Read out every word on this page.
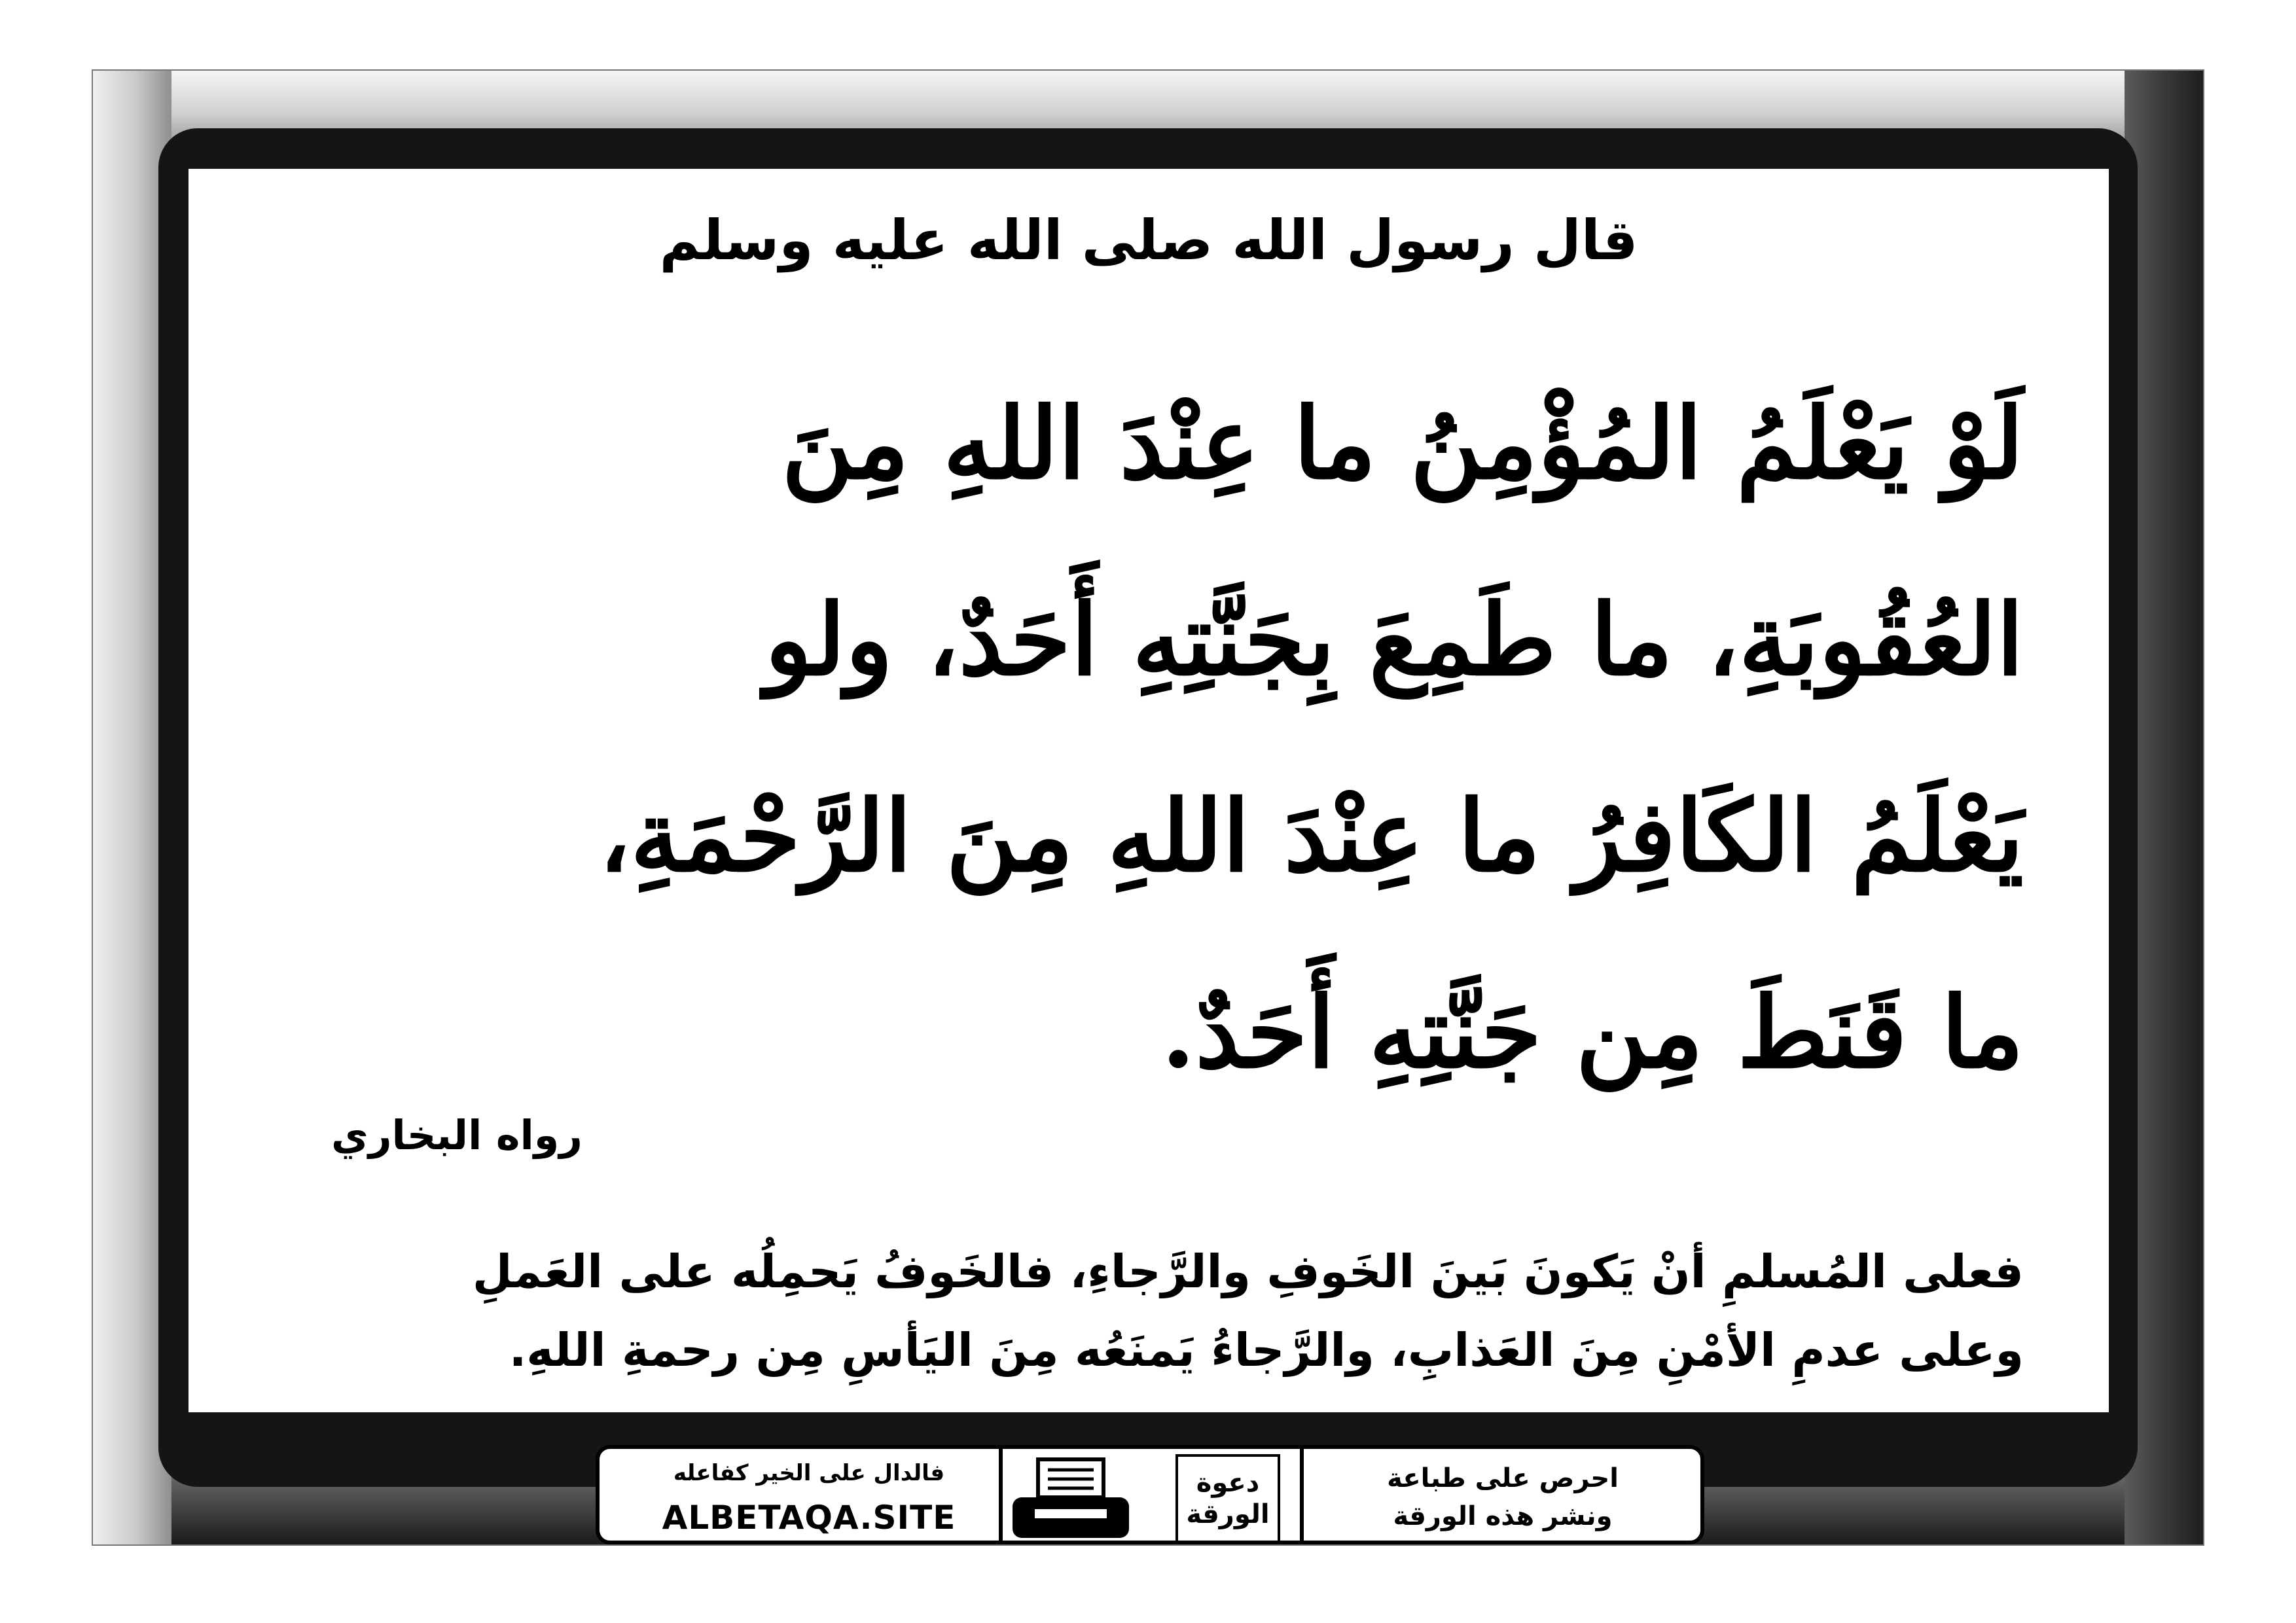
قال رسول الله صلى الله عليه وسلم
لَوْ يَعْلَمُ المُؤْمِنُ ما عِنْدَ اللهِ مِنَ
العُقُوبَةِ، ما طَمِعَ بِجَنَّتِهِ أَحَدٌ، ولو
يَعْلَمُ الكَافِرُ ما عِنْدَ اللهِ مِنَ الرَّحْمَةِ،
ما قَنَطَ مِن جَنَّتِهِ أَحَدٌ.
رواه البخاري
فعلى المُسلمِ أنْ يَكونَ بَينَ الخَوفِ والرَّجاءِ، فالخَوفُ يَحمِلُه على العَملِ
وعلى عدمِ الأمْنِ مِنَ العَذابِ، والرَّجاءُ يَمنَعُه مِنَ اليَأسِ مِن رحمةِ اللهِ.
فالدال على الخير كفاعله
ALBETAQA.SITE
دعوة الورقة
احرص على طباعة
ونشر هذه الورقة
